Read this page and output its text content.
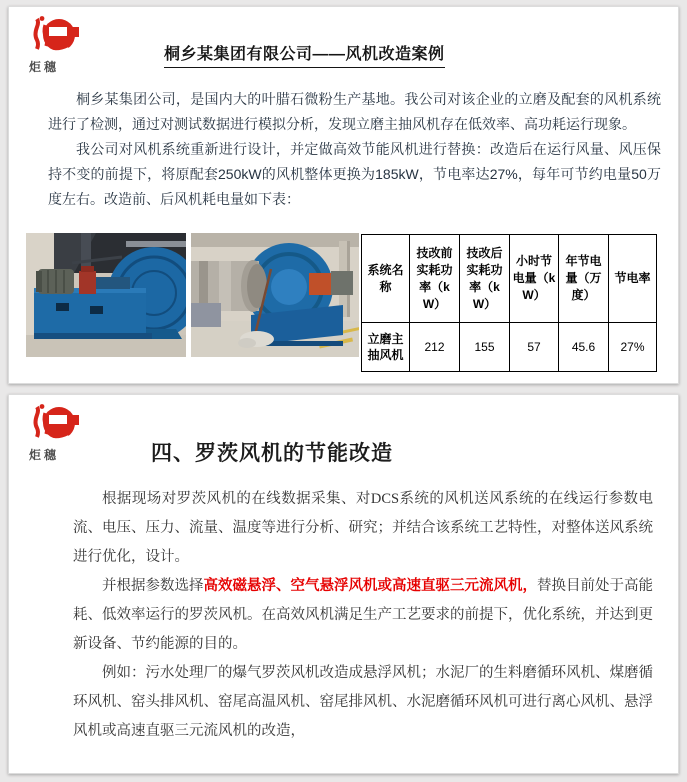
炬穗
桐乡某集团有限公司——风机改造案例

桐乡某集团公司，是国内大的叶腊石微粉生产基地。我公司对该企业的立磨及配套的风机系统进行了检测，通过对测试数据进行模拟分析，发现立磨主抽风机存在低效率、高功耗运行现象。

我公司对风机系统重新进行设计，并定做高效节能风机进行替换：改造后在运行风量、风压保持不变的前提下，将原配套250kW的风机整体更换为185kW，节电率达27%，每年可节约电量50万度左右。改造前、后风机耗电量如下表：

系统名称	技改前实耗功率（kW）	技改后实耗功率（kW）	小时节电量（kW）	年节电量（万度）	节电率
立磨主抽风机	212	155	57	45.6	27%
炬穗	四、罗茨风机的节能改造

根据现场对罗茨风机的在线数据采集、对DCS系统的风机送风系统的在线运行参数电流、电压、压力、流量、温度等进行分析、研究；并结合该系统工艺特性，对整体送风系统进行优化，设计。

并根据参数选择高效磁悬浮、空气悬浮风机或高速直驱三元流风机，替换目前处于高能耗、低效率运行的罗茨风机。在高效风机满足生产工艺要求的前提下，优化系统，并达到更新设备、节约能源的目的。

例如：污水处理厂的爆气罗茨风机改造成悬浮风机；水泥厂的生料磨循环风机、煤磨循环风机、窑头排风机、窑尾高温风机、窑尾排风机、水泥磨循环风机可进行离心风机、悬浮风机或高速直驱三元流风机的改造，
